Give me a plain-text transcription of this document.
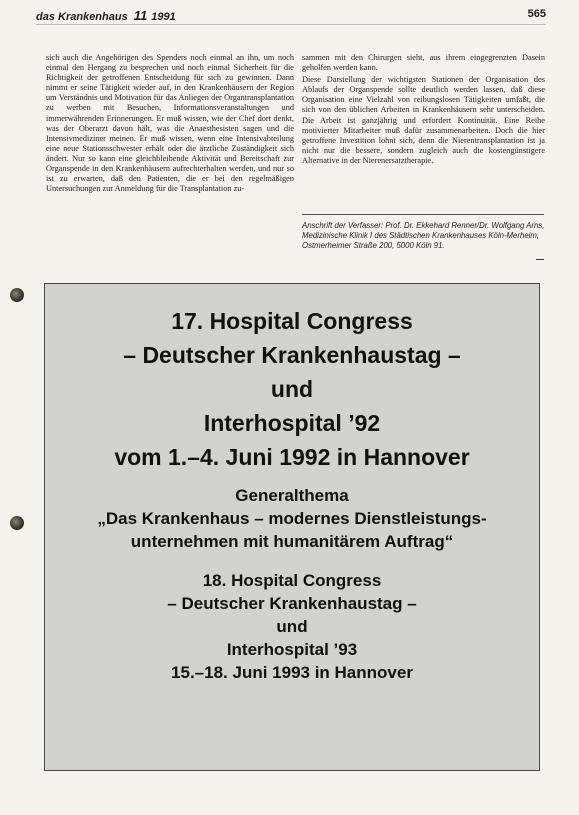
das Krankenhaus 11 1991	565

sich auch die Angehörigen des Spenders noch einmal an ihn, um noch einmal den Hergang zu besprechen und noch einmal Sicherheit für die Richtigkeit der getroffenen Entscheidung für sich zu gewinnen. Dann nimmt er seine Tätigkeit wieder auf, in den Krankenhäusern der Region um Verständnis und Motivation für das Anliegen der Organtransplantation zu werben mit Besuchen, Informationsveranstaltungen und immerwährenden Erinnerungen. Er muß wissen, wie der Chef dort denkt, was der Oberarzt davon hält, was die Anaesthesisten sagen und die Intensivmediziner meinen. Er muß wissen, wenn eine Intensivabteilung eine neue Stationsschwester erhält oder die ärztliche Zuständigkeit sich ändert. Nur so kann eine gleichbleibende Aktivität und Bereitschaft zur Organspende in den Krankenhäusern aufrechterhalten werden, und nur so ist zu erwarten, daß den Patienten, die er bei den regelmäßigen Untersuchungen zur Anmeldung für die Transplantation zu-

sammen mit den Chirurgen sieht, aus ihrem eingegrenzten Dasein geholfen werden kann.

Diese Darstellung der wichtigsten Stationen der Organisation des Ablaufs der Organspende sollte deutlich werden lassen, daß diese Organisation eine Vielzahl von reibungslosen Tätigkeiten umfaßt, die sich von den üblichen Arbeiten in Krankenhäusern sehr unterscheiden. Die Arbeit ist ganzjährig und erfordert Kontinuität. Eine Reihe motivierter Mitarbeiter muß dafür zusammenarbeiten. Doch die hier getroffene Investition lohnt sich, denn die Nierentransplantation ist ja nicht nur die bessere, sondern zugleich auch die kostengünstigere Alternative in der Nierenersatztherapie.

Anschrift der Verfasser: Prof. Dr. Ekkehard Renner/Dr. Wolfgang Arns, Medizinische Klinik I des Städtischen Krankenhauses Köln-Merheim, Ostmerheimer Straße 200, 5000 Köln 91.
17. Hospital Congress
– Deutscher Krankenhaustag –
und
Interhospital ’92
vom 1.–4. Juni 1992 in Hannover
Generalthema
„Das Krankenhaus – modernes Dienstleistungs-
unternehmen mit humanitärem Auftrag“
18. Hospital Congress
– Deutscher Krankenhaustag –
und
Interhospital ’93
15.–18. Juni 1993 in Hannover
